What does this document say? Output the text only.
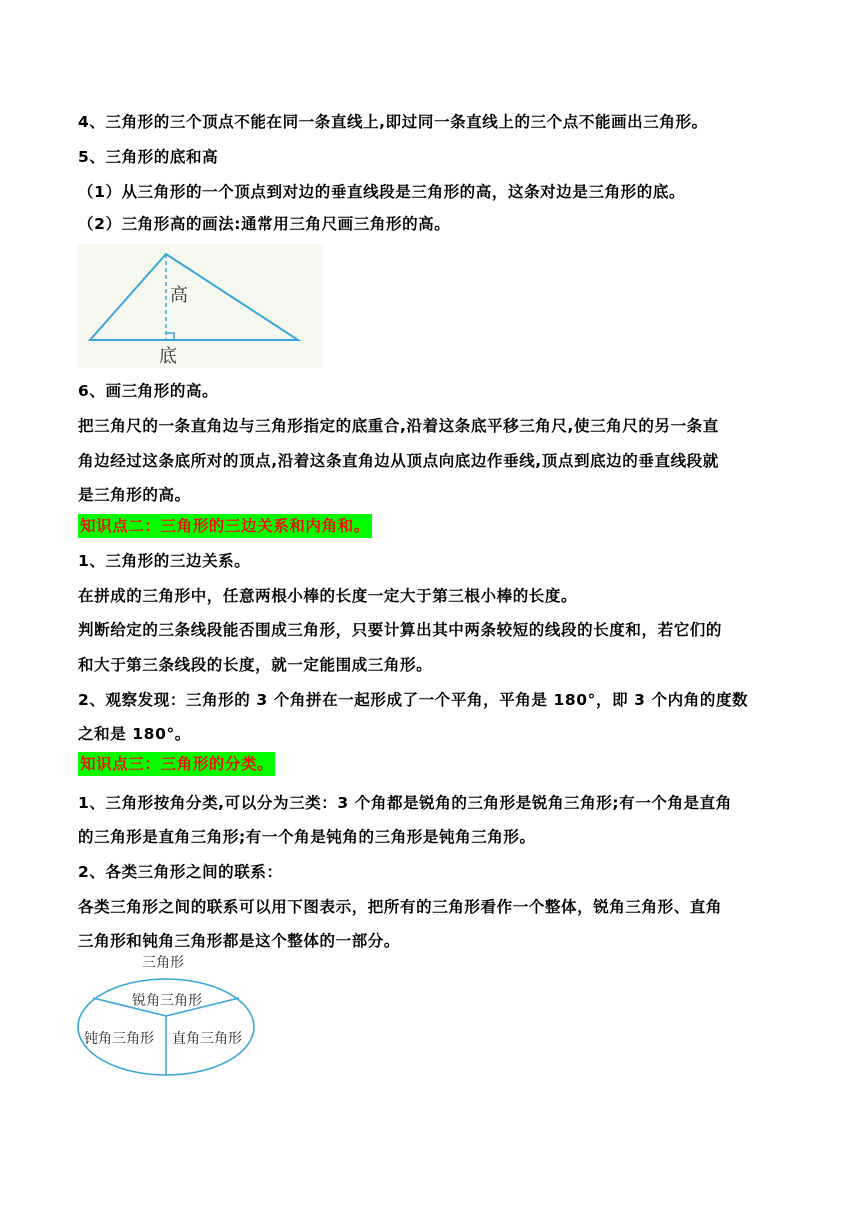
4、三角形的三个顶点不能在同一条直线上,即过同一条直线上的三个点不能画出三角形。
5、三角形的底和高
（1）从三角形的一个顶点到对边的垂直线段是三角形的高，这条对边是三角形的底。
（2）三角形高的画法:通常用三角尺画三角形的高。
高
底
6、画三角形的高。
把三角尺的一条直角边与三角形指定的底重合,沿着这条底平移三角尺,使三角尺的另一条直
角边经过这条底所对的顶点,沿着这条直角边从顶点向底边作垂线,顶点到底边的垂直线段就
是三角形的高。
知识点二：三角形的三边关系和内角和。
1、三角形的三边关系。
在拼成的三角形中，任意两根小棒的长度一定大于第三根小棒的长度。
判断给定的三条线段能否围成三角形，只要计算出其中两条较短的线段的长度和，若它们的
和大于第三条线段的长度，就一定能围成三角形。
2、观察发现：三角形的 3 个角拼在一起形成了一个平角，平角是 180°，即 3 个内角的度数
之和是 180°。
知识点三：三角形的分类。
1、三角形按角分类,可以分为三类：3 个角都是锐角的三角形是锐角三角形;有一个角是直角
的三角形是直角三角形;有一个角是钝角的三角形是钝角三角形。
2、各类三角形之间的联系：
各类三角形之间的联系可以用下图表示，把所有的三角形看作一个整体，锐角三角形、直角
三角形和钝角三角形都是这个整体的一部分。
三角形
锐角三角形
钝角三角形 直角三角形
